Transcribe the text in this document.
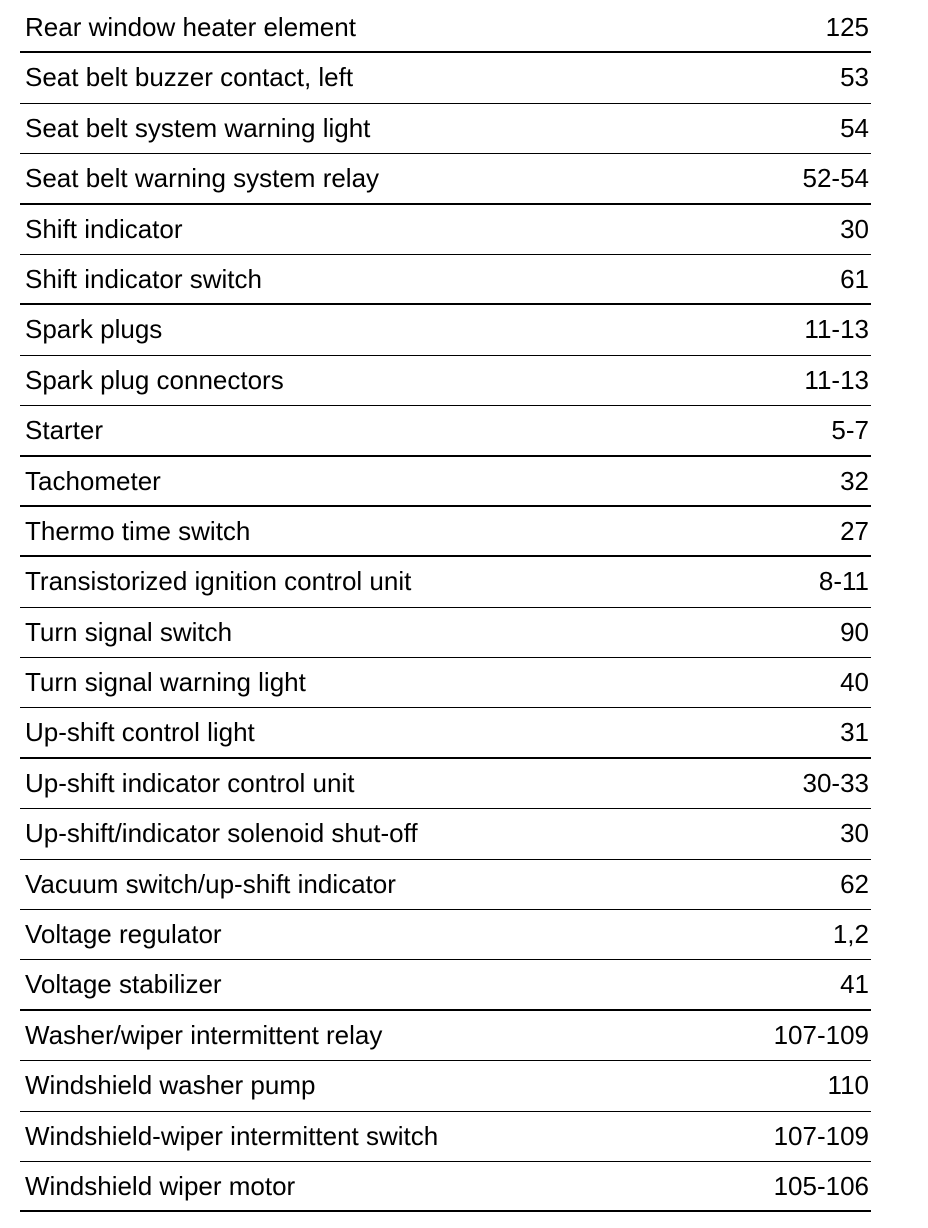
Rear window heater element	125
Seat belt buzzer contact, left	53
Seat belt system warning light	54
Seat belt warning system relay	52-54
Shift indicator	30
Shift indicator switch	61
Spark plugs	11-13
Spark plug connectors	11-13
Starter	5-7
Tachometer	32
Thermo time switch	27
Transistorized ignition control unit	8-11
Turn signal switch	90
Turn signal warning light	40
Up-shift control light	31
Up-shift indicator control unit	30-33
Up-shift/indicator solenoid shut-off	30
Vacuum switch/up-shift indicator	62
Voltage regulator	1,2
Voltage stabilizer	41
Washer/wiper intermittent relay	107-109
Windshield washer pump	110
Windshield-wiper intermittent switch	107-109
Windshield wiper motor	105-106
